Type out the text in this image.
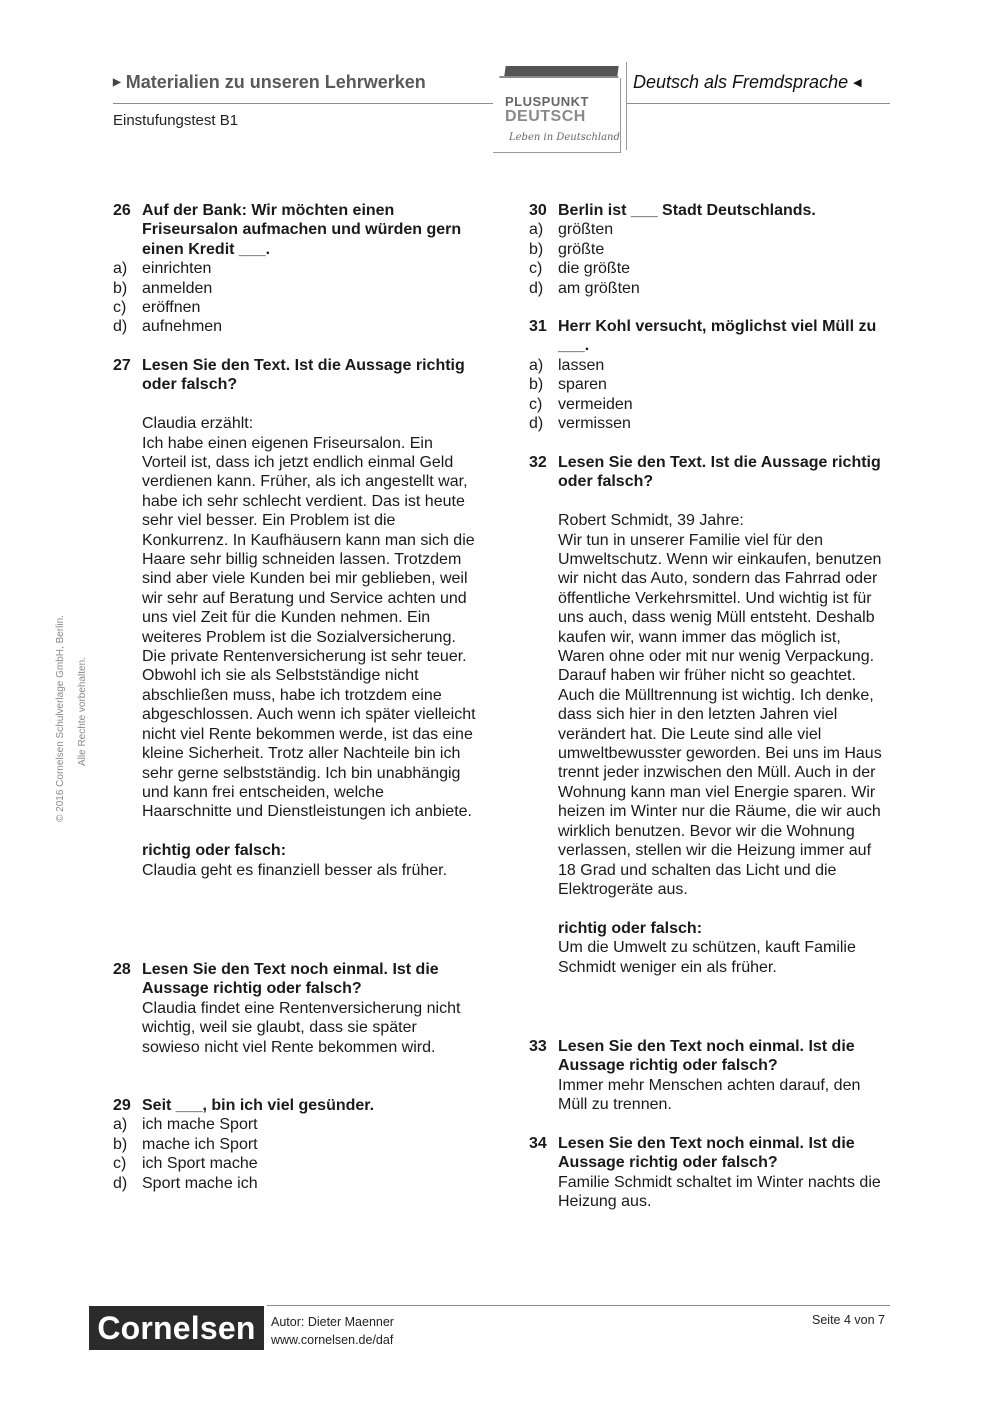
▶ Materialien zu unseren Lehrwerken
PLUSPUNKT
DEUTSCH
Leben in Deutschland
Deutsch als Fremdsprache ◀
Einstufungstest B1
© 2016 Cornelsen Schulverlage GmbH, Berlin. Alle Rechte vorbehalten.
26 Auf der Bank: Wir möchten einen Friseursalon aufmachen und würden gern einen Kredit ___.
a) einrichten
b) anmelden
c) eröffnen
d) aufnehmen
27 Lesen Sie den Text. Ist die Aussage richtig oder falsch?
Claudia erzählt:
Ich habe einen eigenen Friseursalon. Ein Vorteil ist, dass ich jetzt endlich einmal Geld verdienen kann. Früher, als ich angestellt war, habe ich sehr schlecht verdient. Das ist heute sehr viel besser. Ein Problem ist die Konkurrenz. In Kaufhäusern kann man sich die Haare sehr billig schneiden lassen. Trotzdem sind aber viele Kunden bei mir geblieben, weil wir sehr auf Beratung und Service achten und uns viel Zeit für die Kunden nehmen. Ein weiteres Problem ist die Sozialversicherung. Die private Rentenversicherung ist sehr teuer. Obwohl ich sie als Selbstständige nicht abschließen muss, habe ich trotzdem eine abgeschlossen. Auch wenn ich später vielleicht nicht viel Rente bekommen werde, ist das eine kleine Sicherheit. Trotz aller Nachteile bin ich sehr gerne selbstständig. Ich bin unabhängig und kann frei entscheiden, welche Haarschnitte und Dienstleistungen ich anbiete.
richtig oder falsch:
Claudia geht es finanziell besser als früher.
28 Lesen Sie den Text noch einmal. Ist die Aussage richtig oder falsch?
Claudia findet eine Rentenversicherung nicht wichtig, weil sie glaubt, dass sie später sowieso nicht viel Rente bekommen wird.
29 Seit ___, bin ich viel gesünder.
a) ich mache Sport
b) mache ich Sport
c) ich Sport mache
d) Sport mache ich
30 Berlin ist ___ Stadt Deutschlands.
a) größten
b) größte
c) die größte
d) am größten
31 Herr Kohl versucht, möglichst viel Müll zu ___.
a) lassen
b) sparen
c) vermeiden
d) vermissen
32 Lesen Sie den Text. Ist die Aussage richtig oder falsch?
Robert Schmidt, 39 Jahre:
Wir tun in unserer Familie viel für den Umweltschutz. Wenn wir einkaufen, benutzen wir nicht das Auto, sondern das Fahrrad oder öffentliche Verkehrsmittel. Und wichtig ist für uns auch, dass wenig Müll entsteht. Deshalb kaufen wir, wann immer das möglich ist, Waren ohne oder mit nur wenig Verpackung. Darauf haben wir früher nicht so geachtet. Auch die Mülltrennung ist wichtig. Ich denke, dass sich hier in den letzten Jahren viel verändert hat. Die Leute sind alle viel umweltbewusster geworden. Bei uns im Haus trennt jeder inzwischen den Müll. Auch in der Wohnung kann man viel Energie sparen. Wir heizen im Winter nur die Räume, die wir auch wirklich benutzen. Bevor wir die Wohnung verlassen, stellen wir die Heizung immer auf 18 Grad und schalten das Licht und die Elektrogeräte aus.
richtig oder falsch:
Um die Umwelt zu schützen, kauft Familie Schmidt weniger ein als früher.
33 Lesen Sie den Text noch einmal. Ist die Aussage richtig oder falsch?
Immer mehr Menschen achten darauf, den Müll zu trennen.
34 Lesen Sie den Text noch einmal. Ist die Aussage richtig oder falsch?
Familie Schmidt schaltet im Winter nachts die Heizung aus.
Cornelsen	Autor: Dieter Maenner
www.cornelsen.de/daf
Seite 4 von 7
